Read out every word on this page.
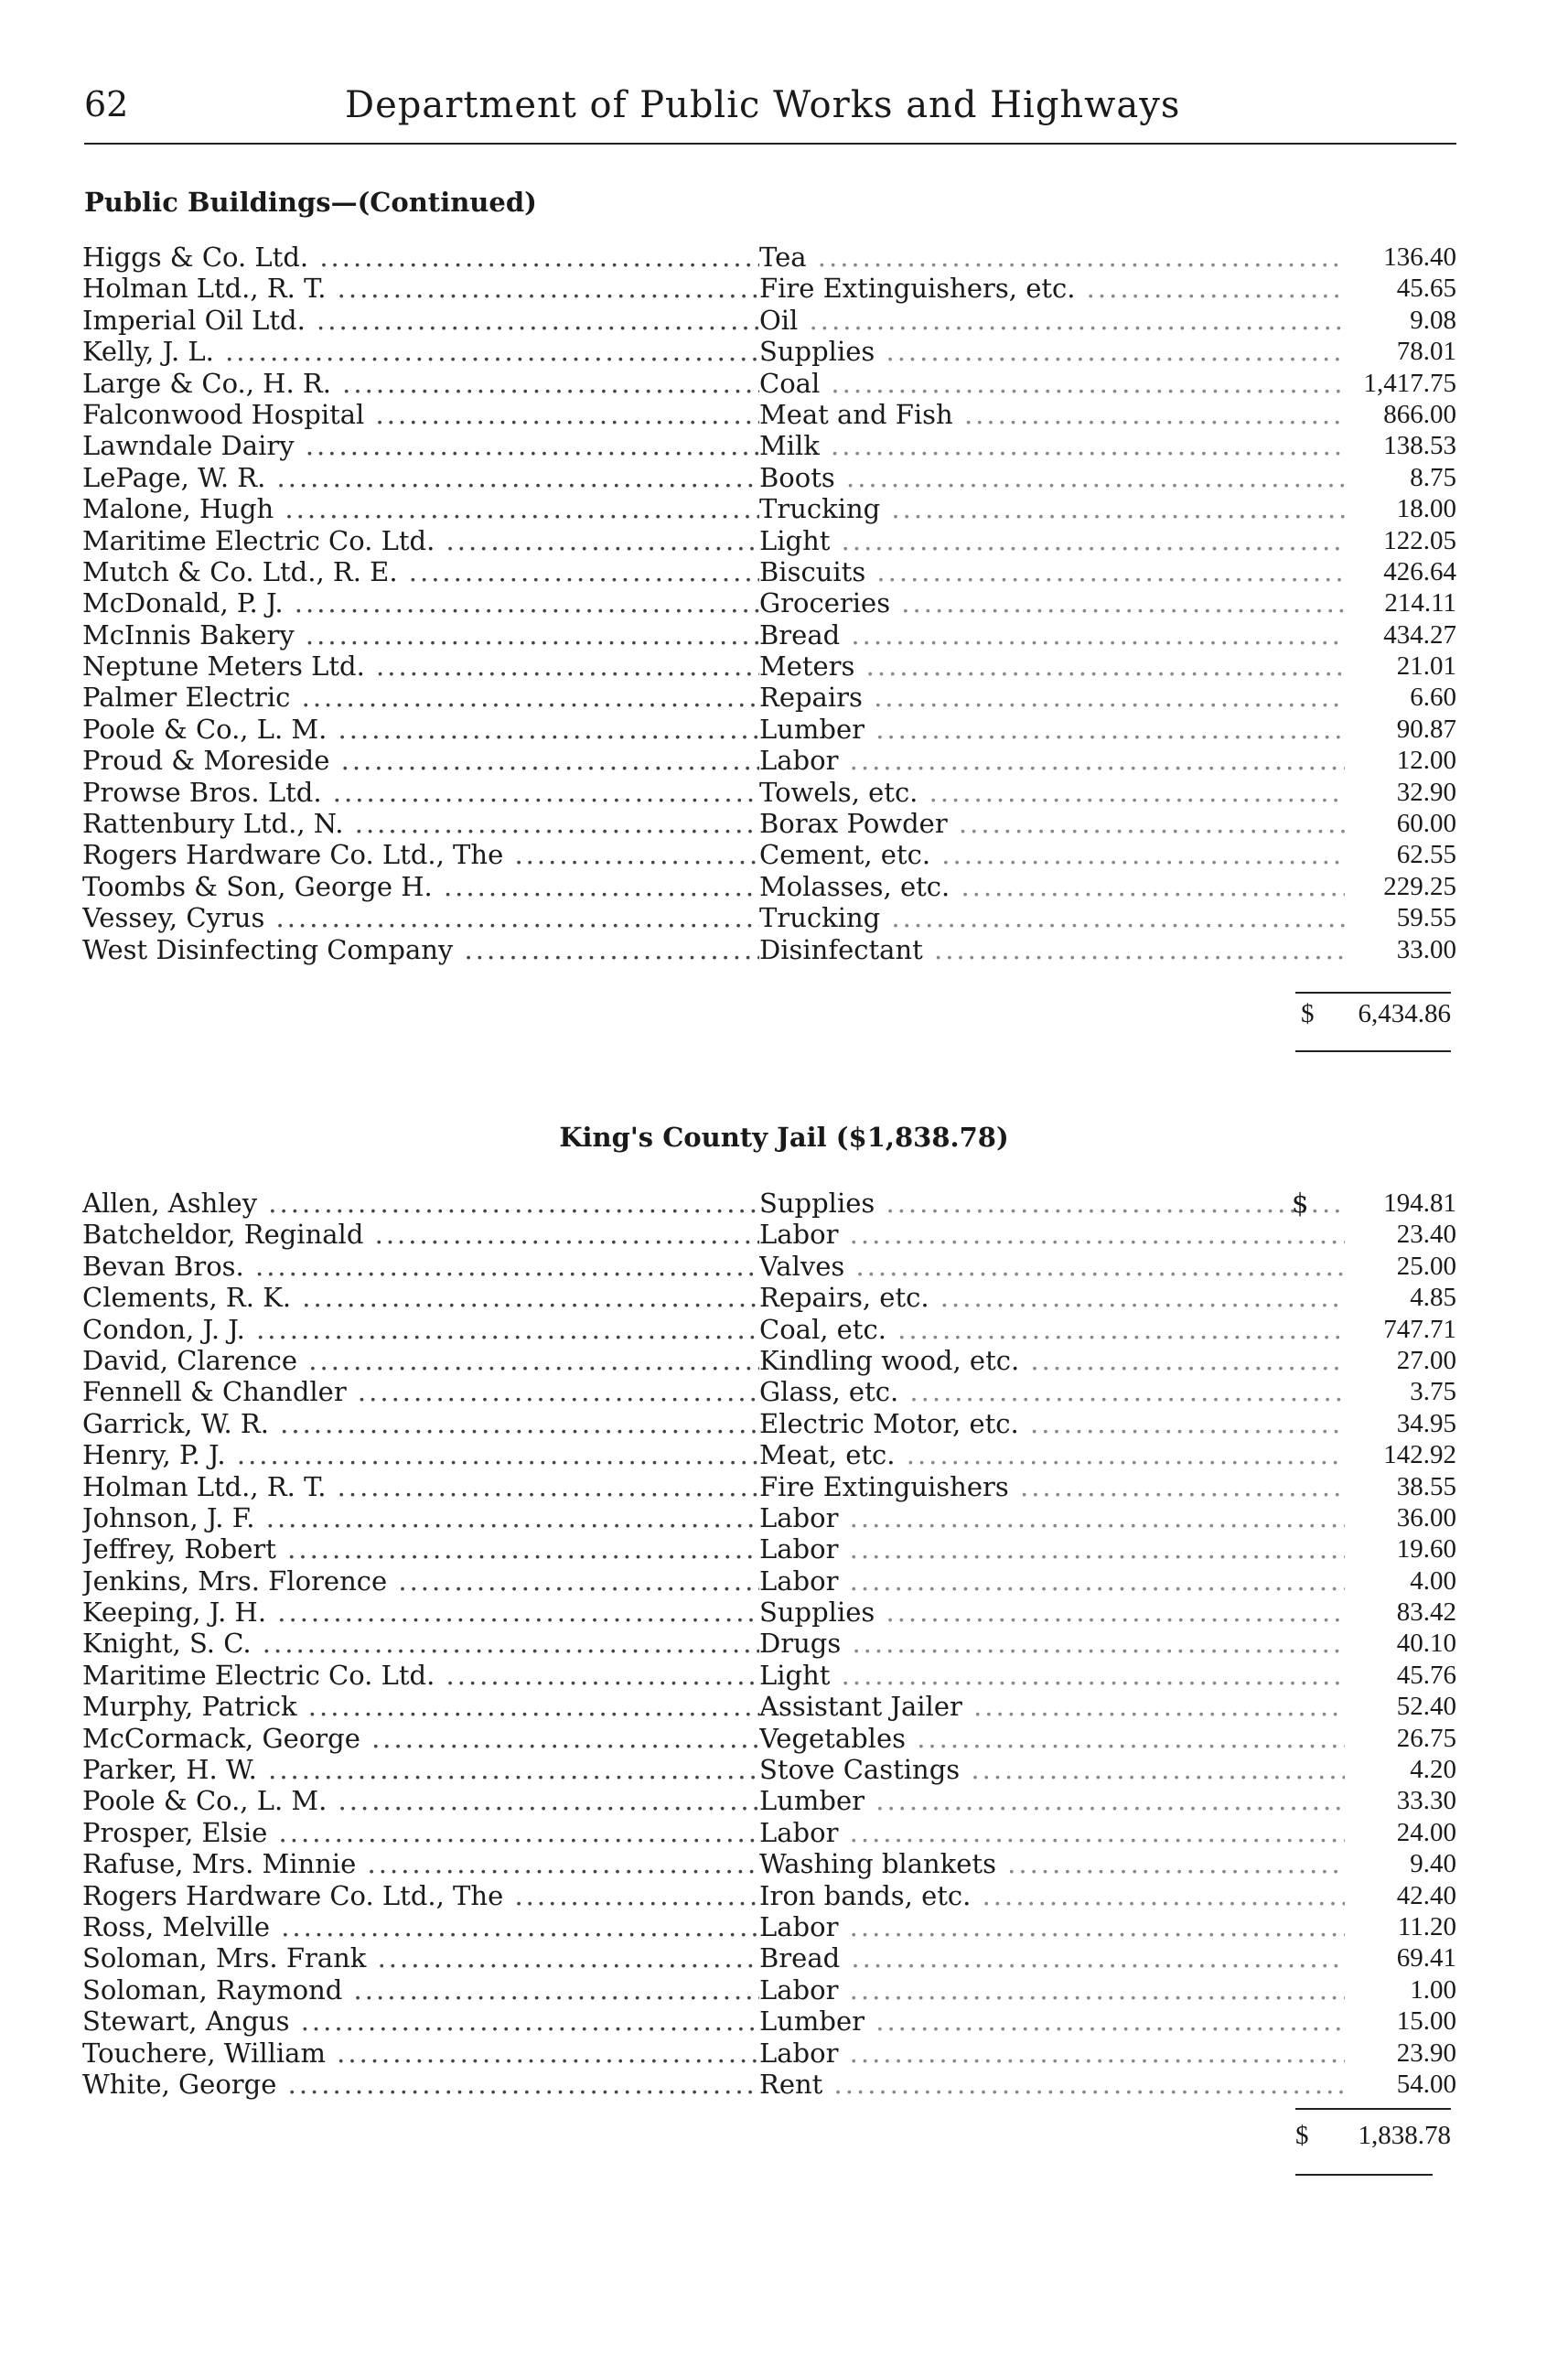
62	Department of Public Works and Highways
Public Buildings—(Continued)
Higgs & Co. Ltd. .....	Tea .....	136.40
Holman Ltd., R. T. .....	Fire Extinguishers, etc. .....	45.65
Imperial Oil Ltd. .....	Oil .....	9.08
Kelly, J. L. .....	Supplies .....	78.01
Large & Co., H. R. .....	Coal .....	1,417.75
Falconwood Hospital .....	Meat and Fish .....	866.00
Lawndale Dairy .....	Milk .....	138.53
LePage, W. R. .....	Boots .....	8.75
Malone, Hugh .....	Trucking .....	18.00
Maritime Electric Co. Ltd. .....	Light .....	122.05
Mutch & Co. Ltd., R. E. .....	Biscuits .....	426.64
McDonald, P. J. .....	Groceries .....	214.11
McInnis Bakery .....	Bread .....	434.27
Neptune Meters Ltd. .....	Meters .....	21.01
Palmer Electric .....	Repairs .....	6.60
Poole & Co., L. M. .....	Lumber .....	90.87
Proud & Moreside .....	Labor .....	12.00
Prowse Bros. Ltd. .....	Towels, etc. .....	32.90
Rattenbury Ltd., N. .....	Borax Powder .....	60.00
Rogers Hardware Co. Ltd., The .....	Cement, etc. .....	62.55
Toombs & Son, George H. .....	Molasses, etc. .....	229.25
Vessey, Cyrus .....	Trucking .....	59.55
West Disinfecting Company .....	Disinfectant .....	33.00
$	6,434.86
King's County Jail ($1,838.78)
Allen, Ashley .....	Supplies .....	$	194.81
Batcheldor, Reginald .....	Labor .....	23.40
Bevan Bros. .....	Valves .....	25.00
Clements, R. K. .....	Repairs, etc. .....	4.85
Condon, J. J. .....	Coal, etc. .....	747.71
David, Clarence .....	Kindling wood, etc. .....	27.00
Fennell & Chandler .....	Glass, etc. .....	3.75
Garrick, W. R. .....	Electric Motor, etc. .....	34.95
Henry, P. J. .....	Meat, etc. .....	142.92
Holman Ltd., R. T. .....	Fire Extinguishers .....	38.55
Johnson, J. F. .....	Labor .....	36.00
Jeffrey, Robert .....	Labor .....	19.60
Jenkins, Mrs. Florence .....	Labor .....	4.00
Keeping, J. H. .....	Supplies .....	83.42
Knight, S. C. .....	Drugs .....	40.10
Maritime Electric Co. Ltd. .....	Light .....	45.76
Murphy, Patrick .....	Assistant Jailer .....	52.40
McCormack, George .....	Vegetables .....	26.75
Parker, H. W. .....	Stove Castings .....	4.20
Poole & Co., L. M. .....	Lumber .....	33.30
Prosper, Elsie .....	Labor .....	24.00
Rafuse, Mrs. Minnie .....	Washing blankets .....	9.40
Rogers Hardware Co. Ltd., The .....	Iron bands, etc. .....	42.40
Ross, Melville .....	Labor .....	11.20
Soloman, Mrs. Frank .....	Bread .....	69.41
Soloman, Raymond .....	Labor .....	1.00
Stewart, Angus .....	Lumber .....	15.00
Touchere, William .....	Labor .....	23.90
White, George .....	Rent .....	54.00
$	1,838.78
